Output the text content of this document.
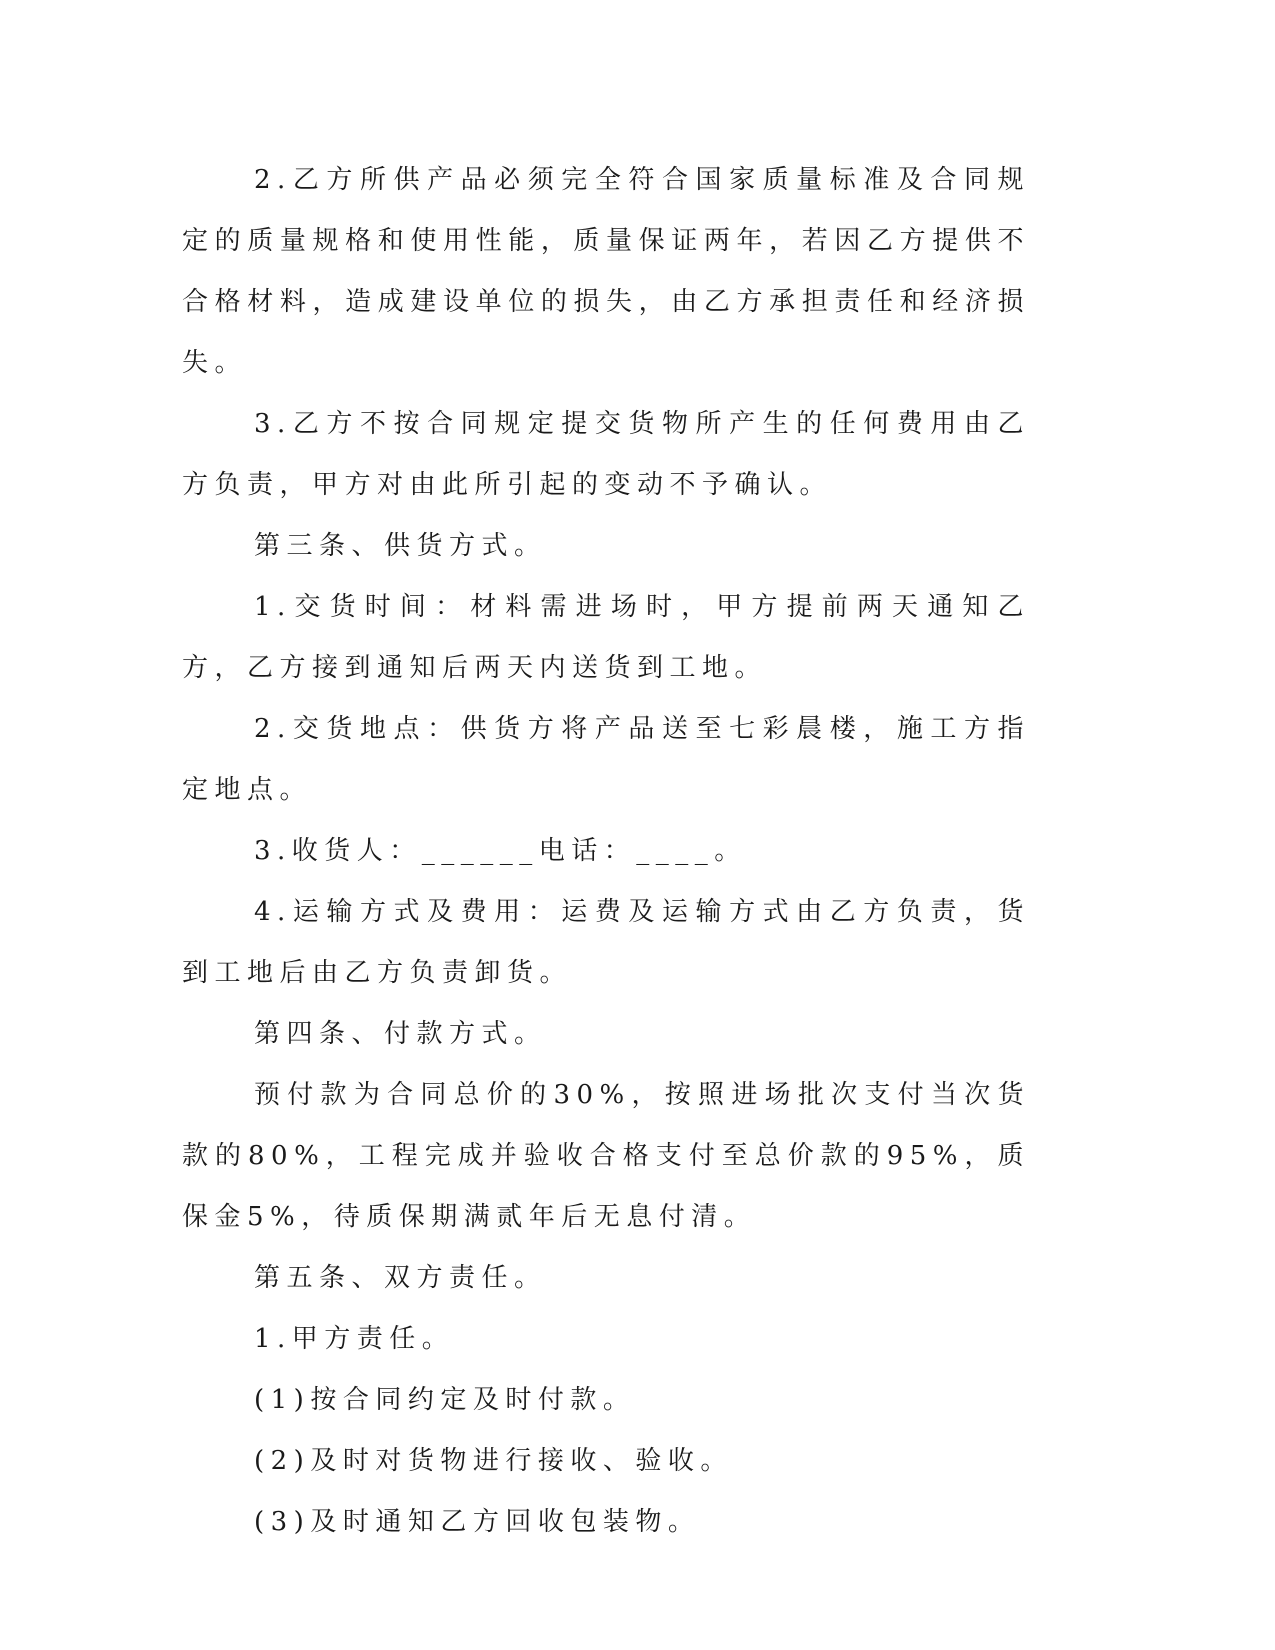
2.乙方所供产品必须完全符合国家质量标准及合同规定的质量规格和使用性能，质量保证两年，若因乙方提供不合格材料，造成建设单位的损失，由乙方承担责任和经济损失。

3.乙方不按合同规定提交货物所产生的任何费用由乙方负责，甲方对由此所引起的变动不予确认。

第三条、供货方式。

1.交货时间：材料需进场时，甲方提前两天通知乙方，乙方接到通知后两天内送货到工地。

2.交货地点：供货方将产品送至七彩晨楼，施工方指定地点。

3.收货人：______电话：____。

4.运输方式及费用：运费及运输方式由乙方负责，货到工地后由乙方负责卸货。

第四条、付款方式。

预付款为合同总价的30%，按照进场批次支付当次货款的80%，工程完成并验收合格支付至总价款的95%，质保金5%，待质保期满贰年后无息付清。

第五条、双方责任。

1.甲方责任。

(1)按合同约定及时付款。

(2)及时对货物进行接收、验收。

(3)及时通知乙方回收包装物。
